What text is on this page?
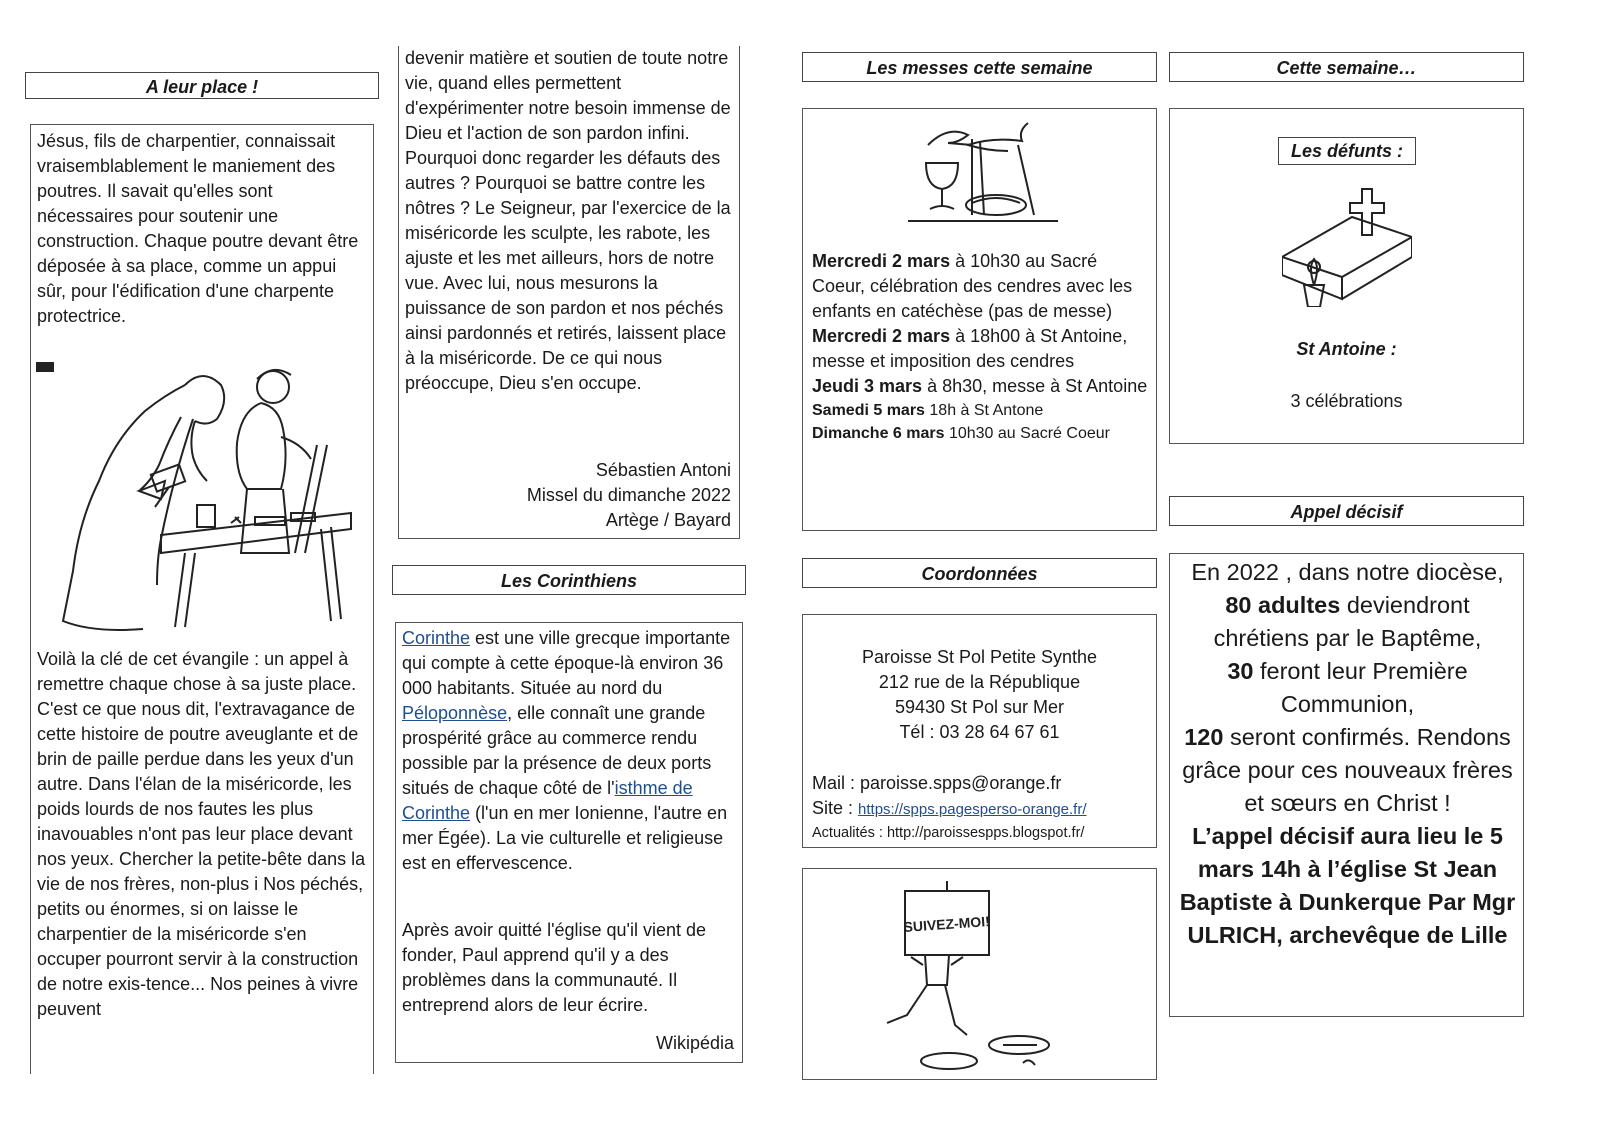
A leur place !

Jésus, fils de charpentier, connaissait vraisemblablement le maniement des poutres. Il savait qu'elles sont nécessaires pour soutenir une construction. Chaque poutre devant être déposée à sa place, comme un appui sûr, pour l'édification d'une charpente protectrice.

Voilà la clé de cet évangile : un appel à remettre chaque chose à sa juste place. C'est ce que nous dit, l'extravagance de cette histoire de poutre aveuglante et de brin de paille perdue dans les yeux d'un autre. Dans l'élan de la miséricorde, les poids lourds de nos fautes les plus inavouables n'ont pas leur place devant nos yeux. Chercher la petite-bête dans la vie de nos frères, non-plus i Nos péchés, petits ou énormes, si on laisse le charpentier de la miséricorde s'en occuper pourront servir à la construction de notre exis-tence... Nos peines à vivre peuvent

devenir matière et soutien de toute notre vie, quand elles permettent d'expérimenter notre besoin immense de Dieu et l'action de son pardon infini. Pourquoi donc regarder les défauts des autres ? Pourquoi se battre contre les nôtres ? Le Seigneur, par l'exercice de la miséricorde les sculpte, les rabote, les ajuste et les met ailleurs, hors de notre vue. Avec lui, nous mesurons la puissance de son pardon et nos péchés ainsi pardonnés et retirés, laissent place à la miséricorde. De ce qui nous préoccupe, Dieu s'en occupe.

Sébastien Antoni

Missel du dimanche 2022

Artège / Bayard

Les Corinthiens

Corinthe est une ville grecque importante qui compte à cette époque-là environ 36 000 habitants. Située au nord du Péloponnèse, elle connaît une grande prospérité grâce au commerce rendu possible par la présence de deux ports situés de chaque côté de l'isthme de Corinthe (l'un en mer Ionienne, l'autre en mer Égée). La vie culturelle et religieuse est en effervescence.

Après avoir quitté l'église qu'il vient de fonder, Paul apprend qu'il y a des problèmes dans la communauté. Il entreprend alors de leur écrire.

Wikipédia

Les messes cette semaine

Mercredi 2 mars à 10h30 au Sacré Coeur, célébration des cendres avec les enfants en catéchèse (pas de messe)

Mercredi 2 mars à 18h00 à St Antoine, messe et imposition des cendres

Jeudi 3 mars à 8h30, messe à St Antoine

Samedi 5 mars 18h à St Antone

Dimanche 6 mars 10h30 au Sacré Coeur

Coordonnées

Paroisse St Pol Petite Synthe

212 rue de la République

59430 St Pol sur Mer

Tél : 03 28 64 67 61

Mail : paroisse.spps@orange.fr

Site : https://spps.pagesperso-orange.fr/

Actualités : http://paroissespps.blogspot.fr/

SUIVEZ-MOI!
Cette semaine…
Les défunts :

St Antoine :

3 célébrations

Appel décisif

En 2022 , dans notre diocèse,

80 adultes deviendront chrétiens par le Baptême,

30 feront leur Première Communion,

120 seront confirmés. Rendons grâce pour ces nouveaux frères et sœurs en Christ !

L’appel décisif aura lieu le 5 mars 14h à l’église St Jean Baptiste à Dunkerque Par Mgr ULRICH, archevêque de Lille
